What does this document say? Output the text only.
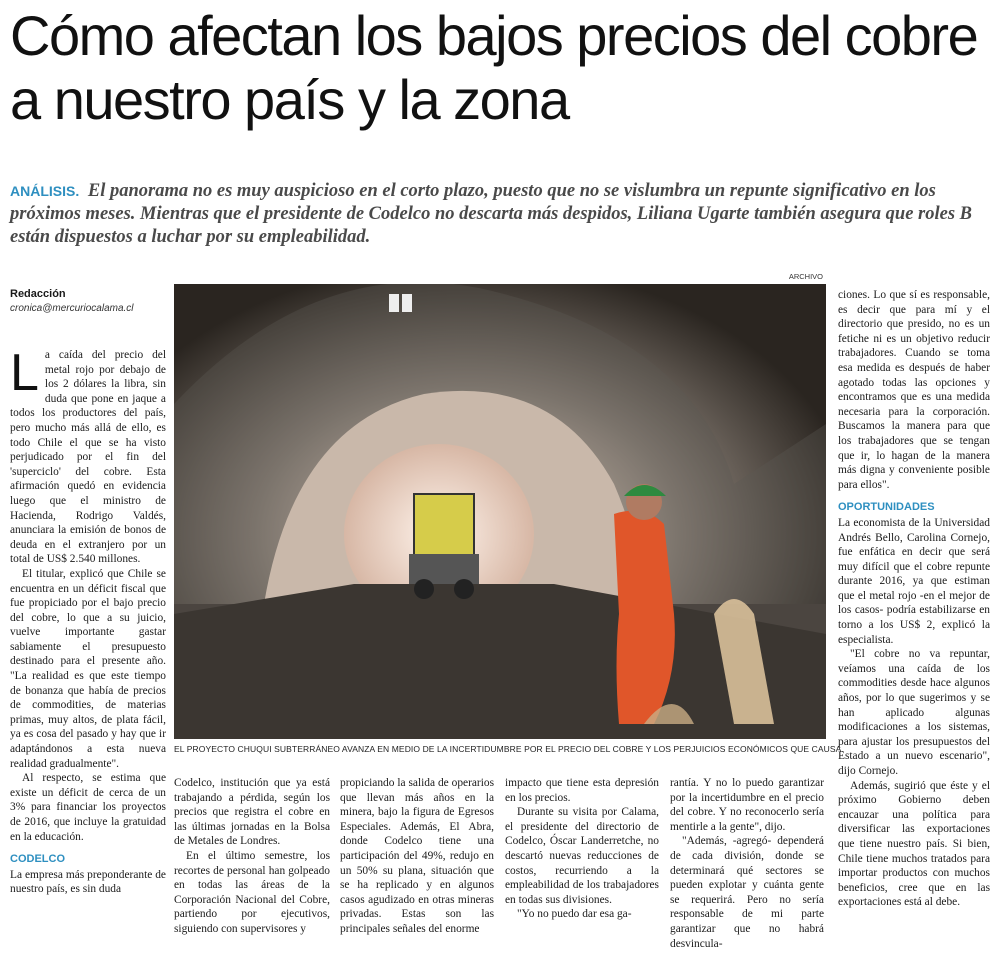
Cómo afectan los bajos precios del cobre a nuestro país y la zona
ANÁLISIS. El panorama no es muy auspicioso en el corto plazo, puesto que no se vislumbra un repunte significativo en los próximos meses. Mientras que el presidente de Codelco no descarta más despidos, Liliana Ugarte también asegura que roles B están dispuestos a luchar por su empleabilidad.
ARCHIVO
Redacción
cronica@mercuriocalama.cl
EL PROYECTO CHUQUI SUBTERRÁNEO AVANZA EN MEDIO DE LA INCERTIDUMBRE POR EL PRECIO DEL COBRE Y LOS PERJUICIOS ECONÓMICOS QUE CAUSA.
L a caída del precio del metal rojo por debajo de los 2 dólares la libra, sin duda que pone en jaque a todos los productores del país, pero mucho más allá de ello, es todo Chile el que se ha visto perjudicado por el fin del 'superciclo' del cobre. Esta afirmación quedó en evidencia luego que el ministro de Hacienda, Rodrigo Valdés, anunciara la emisión de bonos de deuda en el extranjero por un total de US$ 2.540 millones.

El titular, explicó que Chile se encuentra en un déficit fiscal que fue propiciado por el bajo precio del cobre, lo que a su juicio, vuelve importante gastar sabiamente el presupuesto destinado para el presente año. "La realidad es que este tiempo de bonanza que había de precios de commodities, de materias primas, muy altos, de plata fácil, ya es cosa del pasado y hay que ir adaptándonos a esta nueva realidad gradualmente".

Al respecto, se estima que existe un déficit de cerca de un 3% para financiar los proyectos de 2016, que incluye la gratuidad en la educación.

CODELCO

La empresa más preponderante de nuestro país, es sin duda

Codelco, institución que ya está trabajando a pérdida, según los precios que registra el cobre en las últimas jornadas en la Bolsa de Metales de Londres.

En el último semestre, los recortes de personal han golpeado en todas las áreas de la Corporación Nacional del Cobre, partiendo por ejecutivos, siguiendo con supervisores y

propiciando la salida de operarios que llevan más años en la minera, bajo la figura de Egresos Especiales. Además, El Abra, donde Codelco tiene una participación del 49%, redujo en un 50% su plana, situación que se ha replicado y en algunos casos agudizado en otras mineras privadas. Estas son las principales señales del enorme

impacto que tiene esta depresión en los precios.

Durante su visita por Calama, el presidente del directorio de Codelco, Óscar Landerretche, no descartó nuevas reducciones de costos, recurriendo a la empleabilidad de los trabajadores en todas sus divisiones.

"Yo no puedo dar esa ga-

rantía. Y no lo puedo garantizar por la incertidumbre en el precio del cobre. Y no reconocerlo sería mentirle a la gente", dijo.

"Además, -agregó- dependerá de cada división, donde se determinará qué sectores se pueden explotar y cuánta gente se requerirá. Pero no sería responsable de mi parte garantizar que no habrá desvincula-

ciones. Lo que sí es responsable, es decir que para mí y el directorio que presido, no es un fetiche ni es un objetivo reducir trabajadores. Cuando se toma esa medida es después de haber agotado todas las opciones y encontramos que es una medida necesaria para la corporación. Buscamos la manera para que los trabajadores que se tengan que ir, lo hagan de la manera más digna y conveniente posible para ellos".

OPORTUNIDADES

La economista de la Universidad Andrés Bello, Carolina Cornejo, fue enfática en decir que será muy difícil que el cobre repunte durante 2016, ya que estiman que el metal rojo -en el mejor de los casos- podría estabilizarse en torno a los US$ 2, explicó la especialista.

"El cobre no va repuntar, veíamos una caída de los commodities desde hace algunos años, por lo que sugerimos y se han aplicado algunas modificaciones a los sistemas, para ajustar los presupuestos del Estado a un nuevo escenario", dijo Cornejo.

Además, sugirió que éste y el próximo Gobierno deben encauzar una política para diversificar las exportaciones que tiene nuestro país. Si bien, Chile tiene muchos tratados para importar productos con muchos beneficios, cree que en las exportaciones está al debe.
